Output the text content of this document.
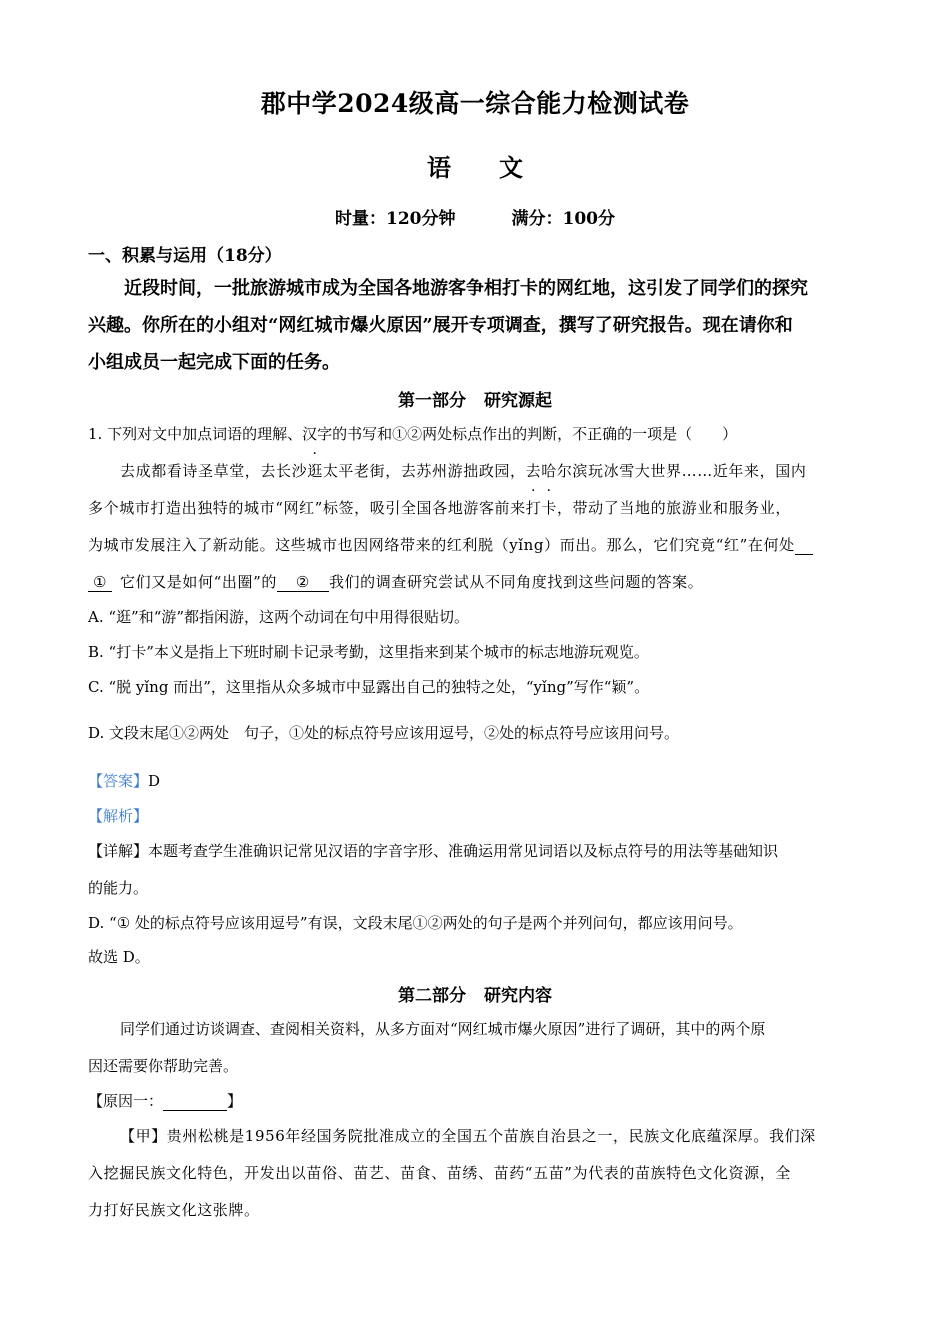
郡中学2024级高一综合能力检测试卷
语文
时量：120分钟	满分：100分
一、积累与运用（18分）
近段时间，一批旅游城市成为全国各地游客争相打卡的网红地，这引发了同学们的探究
兴趣。你所在的小组对“网红城市爆火原因”展开专项调查，撰写了研究报告。现在请你和
小组成员一起完成下面的任务。
第一部分 研究源起
1. 下列对文中加点词语的理解、汉字的书写和①②两处标点作出的判断，不正确的一项是（　　）
去成都看诗圣草堂，去长沙逛太平老街，去苏州游拙政园，去哈尔滨玩冰雪大世界……近年来，国内
多个城市打造出独特的城市“网红”标签，吸引全国各地游客前来打卡，带动了当地的旅游业和服务业，
为城市发展注入了新动能。这些城市也因网络带来的红利脱（yǐng）而出。那么，它们究竟“红”在何处
① 它们又是如何“出圈”的 ② 我们的调查研究尝试从不同角度找到这些问题的答案。
A. “逛”和“游”都指闲游，这两个动词在句中用得很贴切。
B. “打卡”本义是指上下班时刷卡记录考勤，这里指来到某个城市的标志地游玩观览。
C. “脱 yǐng 而出”，这里指从众多城市中显露出自己的独特之处，“yǐng”写作“颖”。
D. 文段末尾①②两处　句子，①处的标点符号应该用逗号，②处的标点符号应该用问号。
【答案】D
【解析】
【详解】本题考查学生准确识记常见汉语的字音字形、准确运用常见词语以及标点符号的用法等基础知识
的能力。
D. “① 处的标点符号应该用逗号”有误，文段末尾①②两处的句子是两个并列问句，都应该用问号。
故选 D。
第二部分 研究内容
同学们通过访谈调查、查阅相关资料，从多方面对“网红城市爆火原因”进行了调研，其中的两个原
因还需要你帮助完善。
【原因一：	】
【甲】贵州松桃是1956年经国务院批准成立的全国五个苗族自治县之一，民族文化底蕴深厚。我们深
入挖掘民族文化特色，开发出以苗俗、苗艺、苗食、苗绣、苗药“五苗”为代表的苗族特色文化资源，全
力打好民族文化这张牌。
